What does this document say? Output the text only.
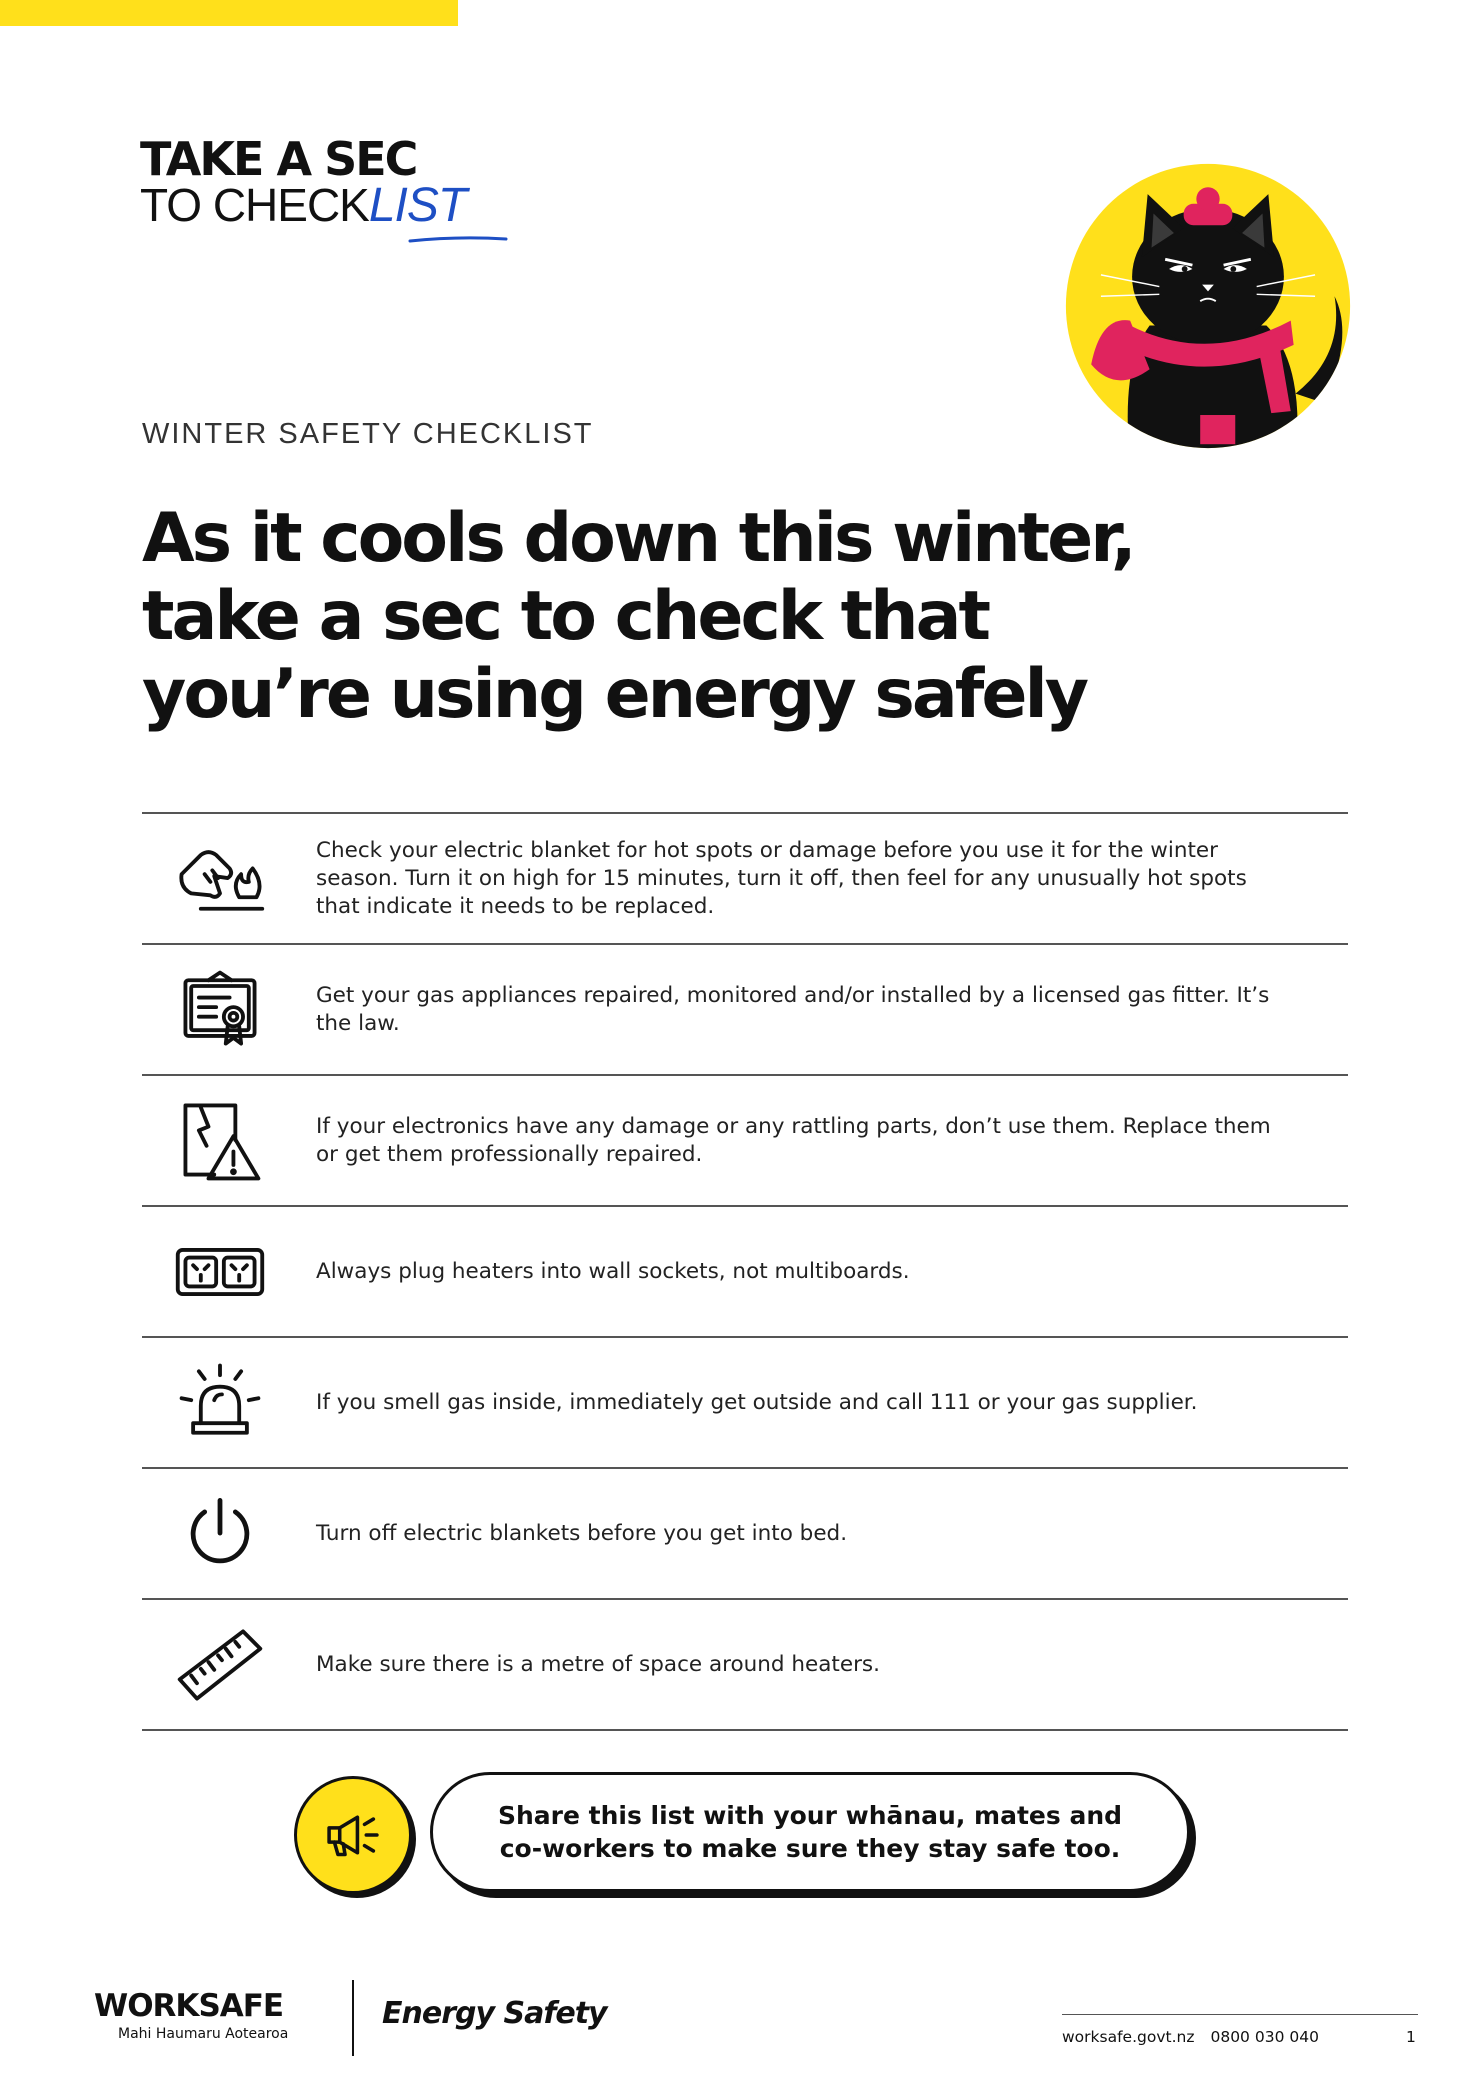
TAKE A SEC
TO CHECKLIST
WINTER SAFETY CHECKLIST
As it cools down this winter,
take a sec to check that
you’re using energy safely
Check your electric blanket for hot spots or damage before you use it for the winter season. Turn it on high for 15 minutes, turn it off, then feel for any unusually hot spots that indicate it needs to be replaced.
Get your gas appliances repaired, monitored and/or installed by a licensed gas fitter. It’s the law.
If your electronics have any damage or any rattling parts, don’t use them. Replace them or get them professionally repaired.
Always plug heaters into wall sockets, not multiboards.
If you smell gas inside, immediately get outside and call 111 or your gas supplier.
Turn off electric blankets before you get into bed.
Make sure there is a metre of space around heaters.
Share this list with your whānau, mates and
co-workers to make sure they stay safe too.
WORKSAFE
Mahi Haumaru Aotearoa
Energy Safety
worksafe.govt.nz 0800 030 040	1
